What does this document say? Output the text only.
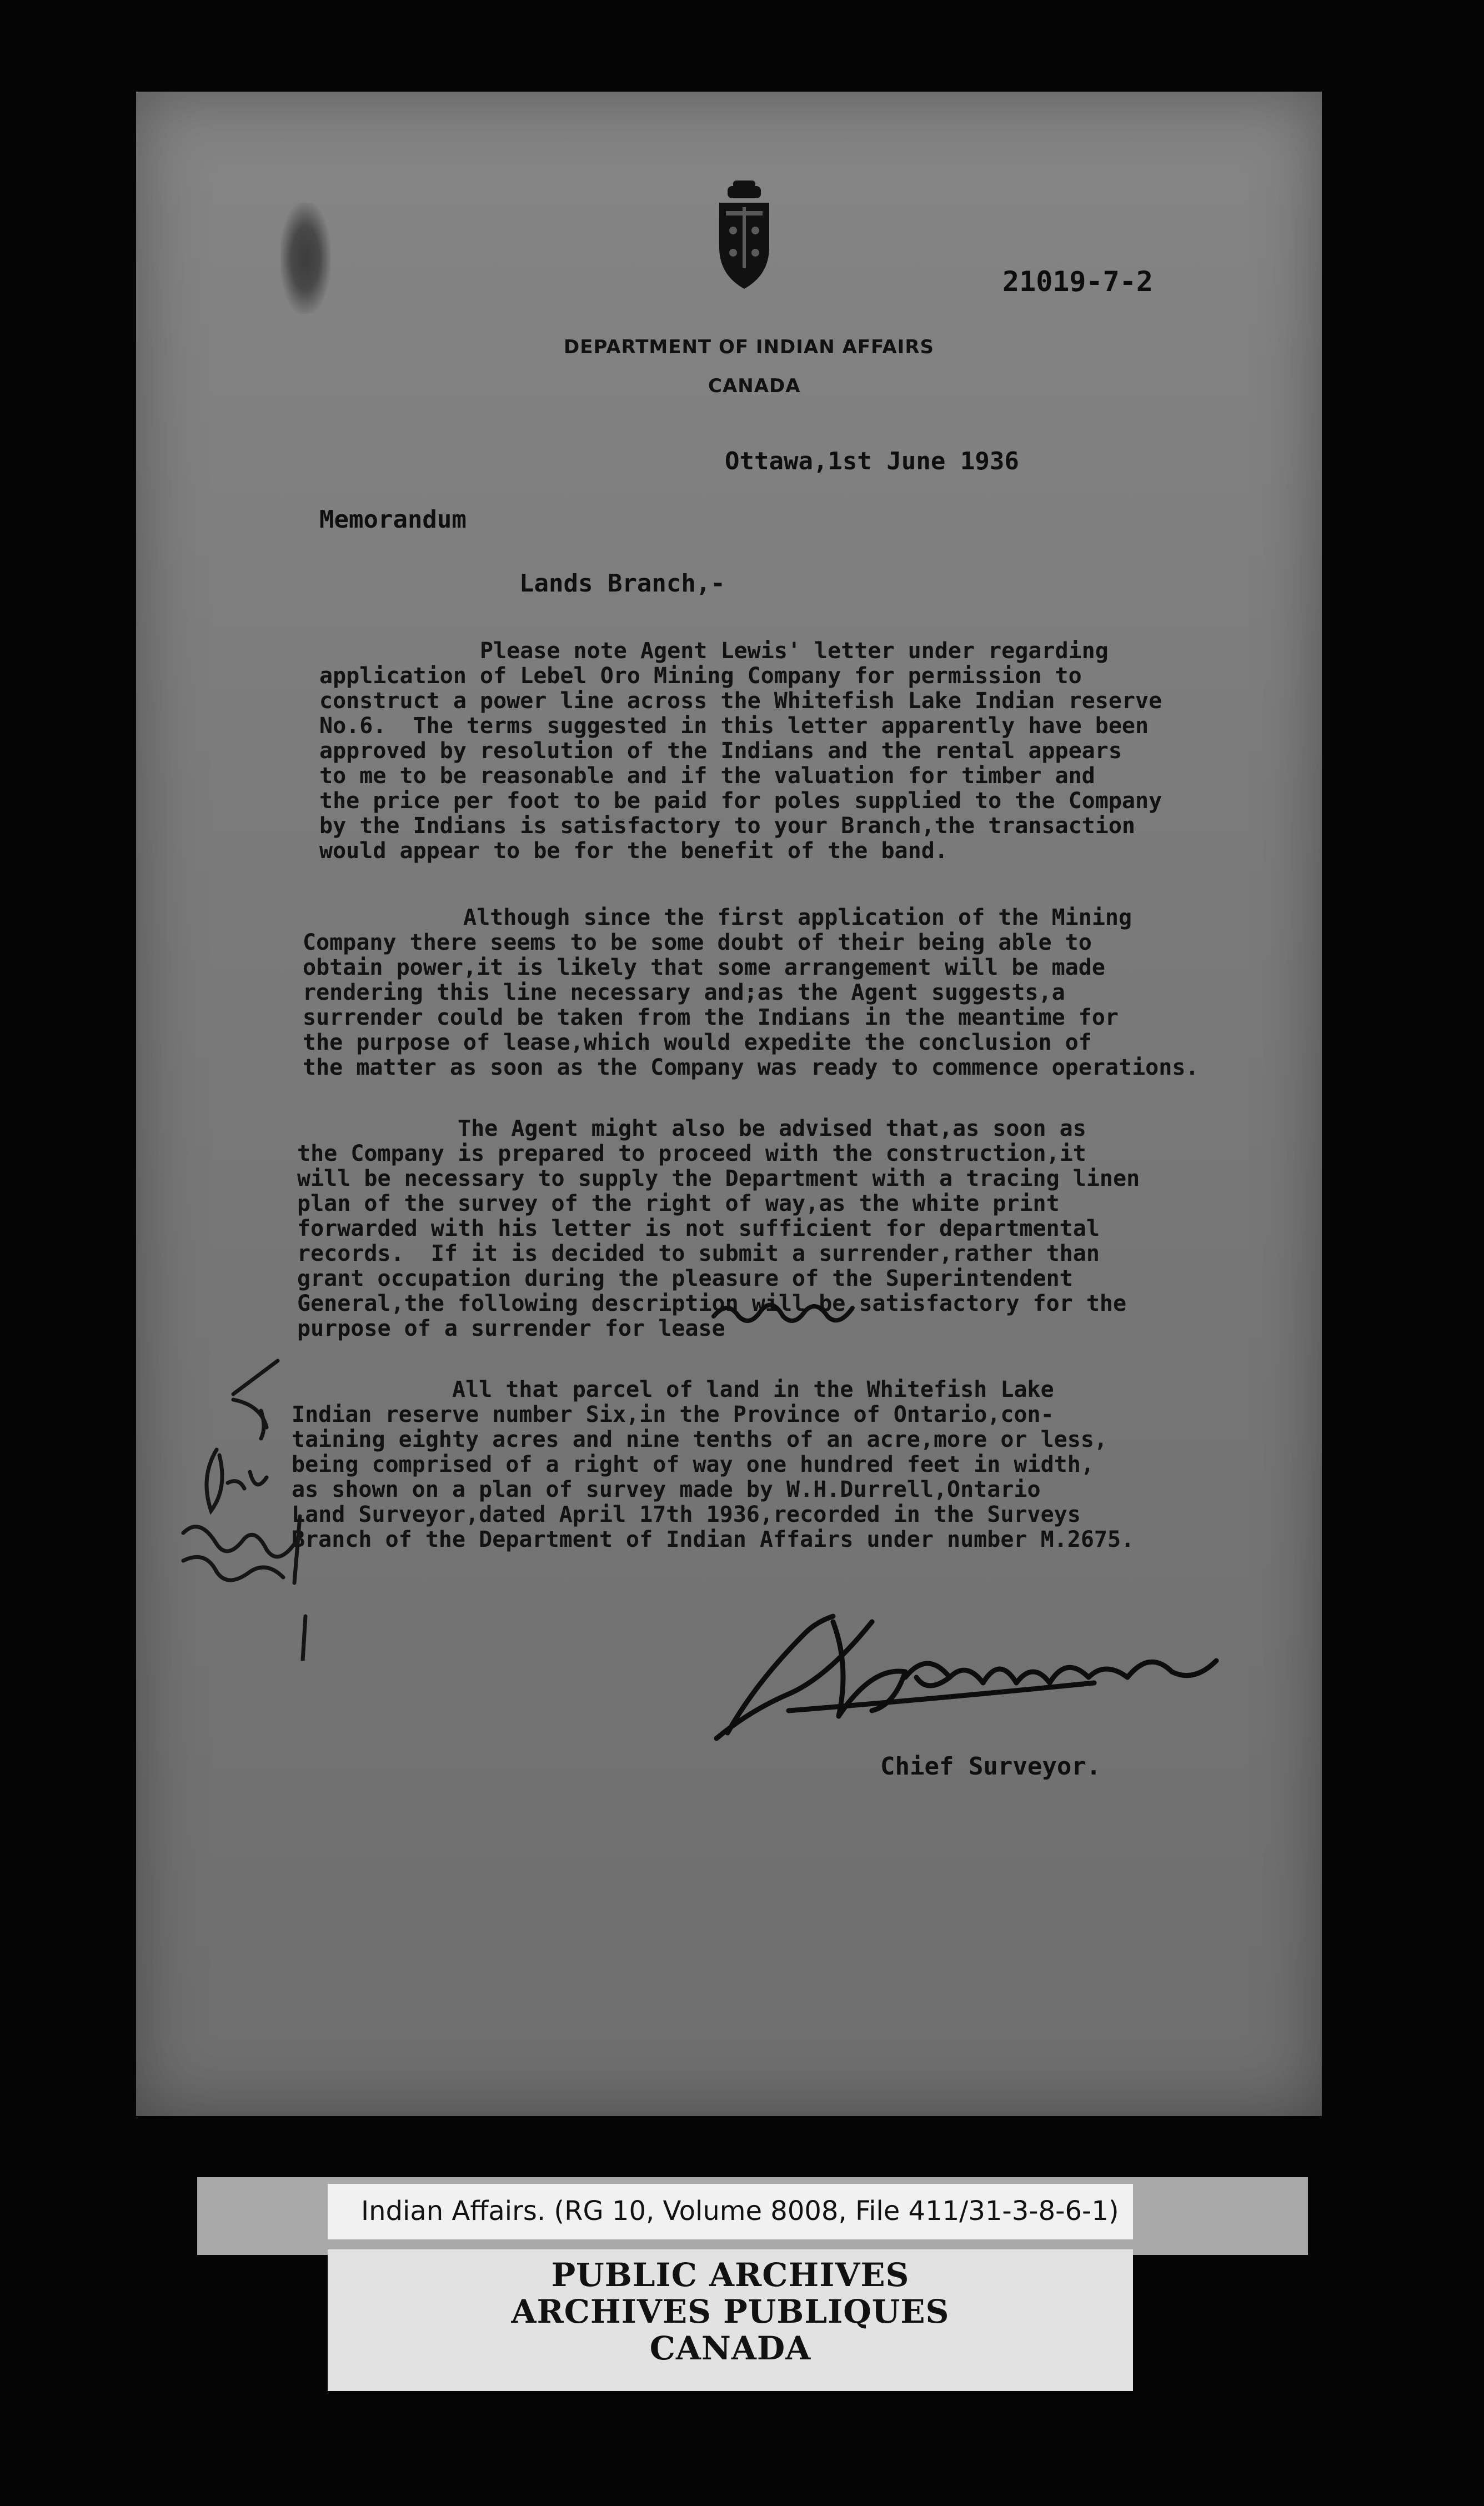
21019-7-2
DEPARTMENT OF INDIAN AFFAIRS
CANADA
Ottawa,1st June 1936
Memorandum
Lands Branch,-
Please note Agent Lewis' letter under regarding
application of Lebel Oro Mining Company for permission to
construct a power line across the Whitefish Lake Indian reserve
No.6.  The terms suggested in this letter apparently have been
approved by resolution of the Indians and the rental appears
to me to be reasonable and if the valuation for timber and
the price per foot to be paid for poles supplied to the Company
by the Indians is satisfactory to your Branch,the transaction
would appear to be for the benefit of the band.
Although since the first application of the Mining
Company there seems to be some doubt of their being able to
obtain power,it is likely that some arrangement will be made
rendering this line necessary and;as the Agent suggests,a
surrender could be taken from the Indians in the meantime for
the purpose of lease,which would expedite the conclusion of
the matter as soon as the Company was ready to commence operations.
The Agent might also be advised that,as soon as
the Company is prepared to proceed with the construction,it
will be necessary to supply the Department with a tracing linen
plan of the survey of the right of way,as the white print
forwarded with his letter is not sufficient for departmental
records.  If it is decided to submit a surrender,rather than
grant occupation during the pleasure of the Superintendent
General,the following description will be satisfactory for the
purpose of a surrender for lease
All that parcel of land in the Whitefish Lake
Indian reserve number Six,in the Province of Ontario,con-
taining eighty acres and nine tenths of an acre,more or less,
being comprised of a right of way one hundred feet in width,
as shown on a plan of survey made by W.H.Durrell,Ontario
Land Surveyor,dated April 17th 1936,recorded in the Surveys
Branch of the Department of Indian Affairs under number M.2675.
Chief Surveyor.
Indian Affairs. (RG 10, Volume 8008, File 411/31-3-8-6-1)
PUBLIC ARCHIVES
ARCHIVES PUBLIQUES
CANADA
